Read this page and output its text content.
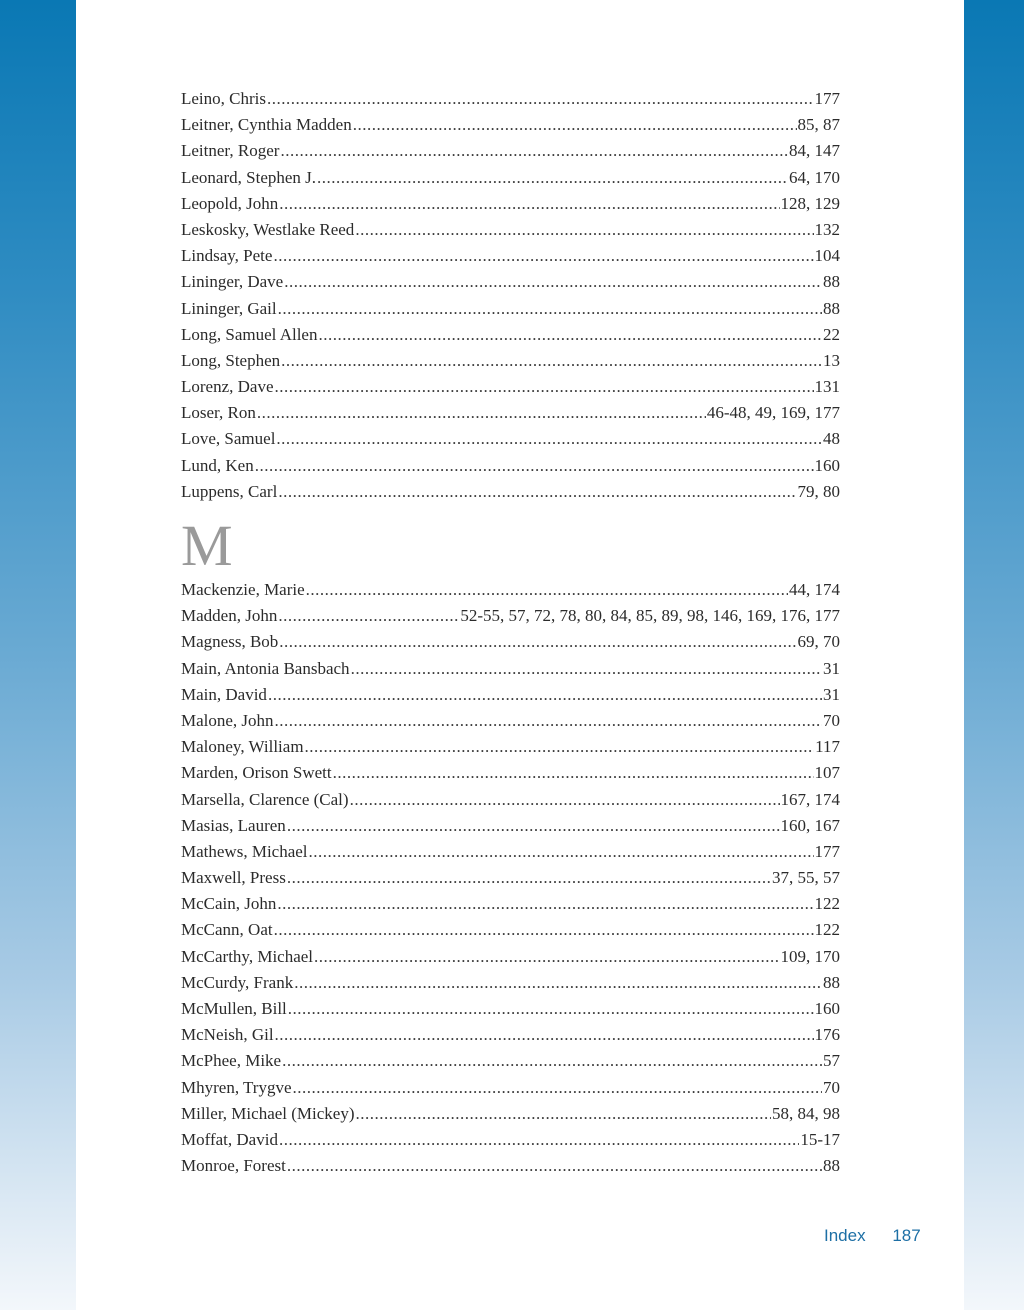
Leino, Chris .....	177
Leitner, Cynthia Madden .....	85, 87
Leitner, Roger .....	84, 147
Leonard, Stephen J. .....	64, 170
Leopold, John .....	128, 129
Leskosky, Westlake Reed .....	132
Lindsay, Pete .....	104
Lininger, Dave .....	88
Lininger, Gail .....	88
Long, Samuel Allen .....	22
Long, Stephen .....	13
Lorenz, Dave .....	131
Loser, Ron .....	46-48, 49, 169, 177
Love, Samuel .....	48
Lund, Ken .....	160
Luppens, Carl .....	79, 80
M
Mackenzie, Marie .....	44, 174
Madden, John .....	52-55, 57, 72, 78, 80, 84, 85, 89, 98, 146, 169, 176, 177
Magness, Bob .....	69, 70
Main, Antonia Bansbach .....	31
Main, David .....	31
Malone, John .....	70
Maloney, William .....	117
Marden, Orison Swett .....	107
Marsella, Clarence (Cal) .....	167, 174
Masias, Lauren .....	160, 167
Mathews, Michael .....	177
Maxwell, Press .....	37, 55, 57
McCain, John .....	122
McCann, Oat .....	122
McCarthy, Michael .....	109, 170
McCurdy, Frank .....	88
McMullen, Bill .....	160
McNeish, Gil .....	176
McPhee, Mike .....	57
Mhyren, Trygve .....	70
Miller, Michael (Mickey) .....	58, 84, 98
Moffat, David .....	15-17
Monroe, Forest .....	88
Index 187
